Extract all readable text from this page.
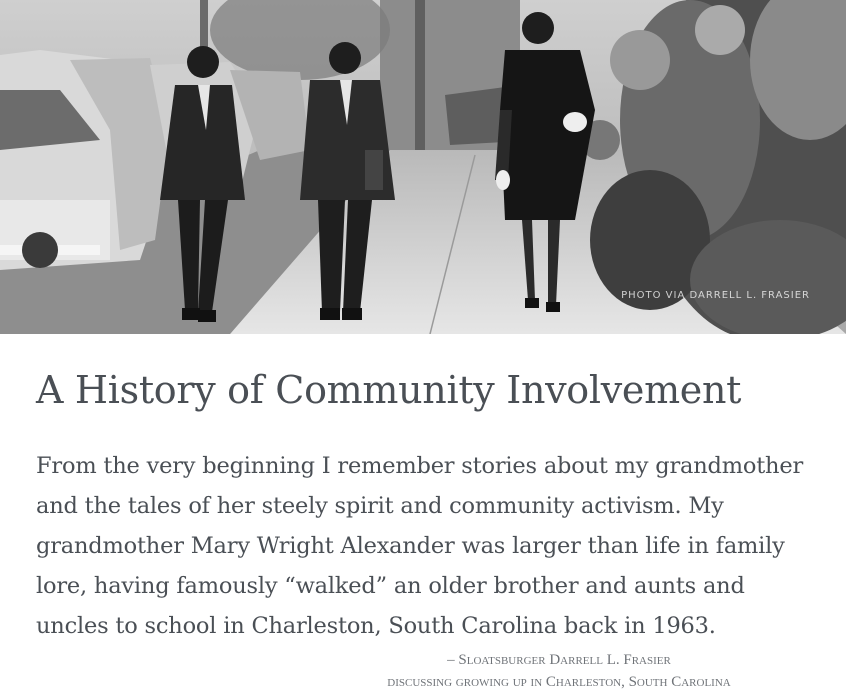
PHOTO VIA DARRELL L. FRASIER
A History of Community Involvement

From the very beginning I remember stories about my grandmother and the tales of her steely spirit and community activism. My grandmother Mary Wright Alexander was larger than life in family lore, having famously “walked” an older brother and aunts and uncles to school in Charleston, South Carolina back in 1963.

– Sloatsburger Darrell L. Frasier
discussing growing up in Charleston, South Carolina
